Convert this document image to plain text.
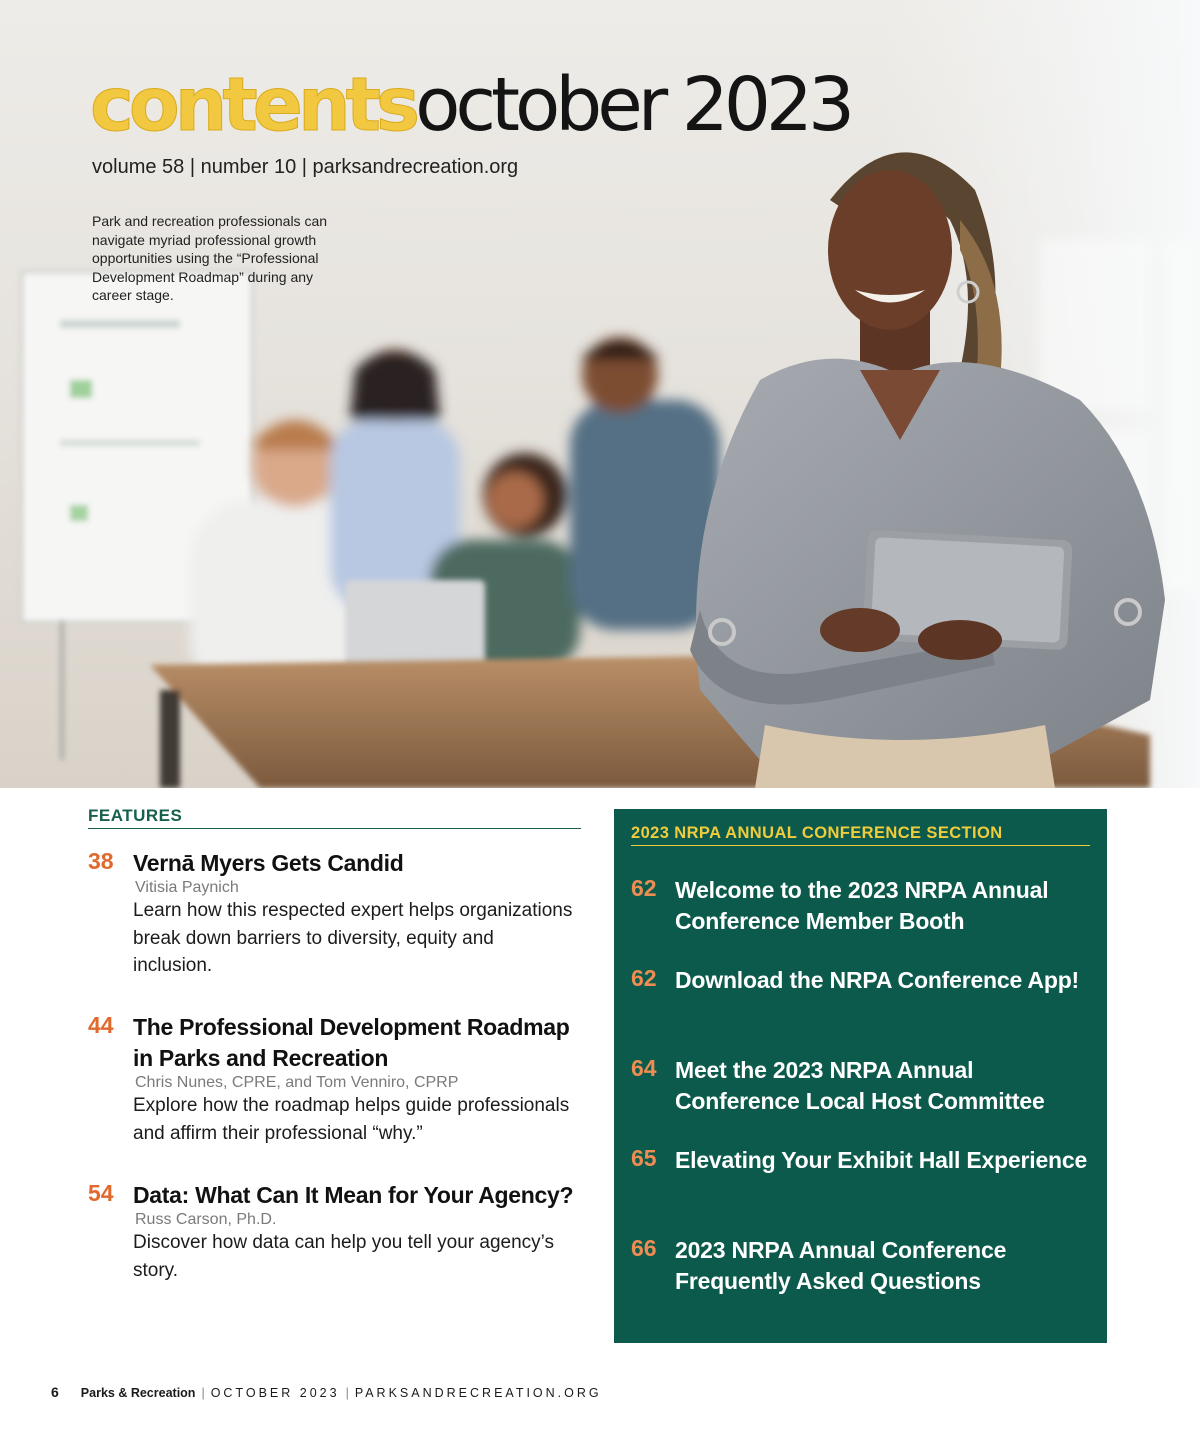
contentsoctober 2023
volume 58 | number 10 | parksandrecreation.org
Park and recreation professionals can navigate myriad professional growth opportunities using the “Professional Development Roadmap” during any career stage.
FEATURES
38 Vernā Myers Gets Candid
Vitisia Paynich
Learn how this respected expert helps organizations break down barriers to diversity, equity and inclusion.
44 The Professional Development Roadmap in Parks and Recreation
Chris Nunes, CPRE, and Tom Venniro, CPRP
Explore how the roadmap helps guide professionals and affirm their professional “why.”
54 Data: What Can It Mean for Your Agency?
Russ Carson, Ph.D.
Discover how data can help you tell your agency’s story.
2023 NRPA ANNUAL CONFERENCE SECTION
62 Welcome to the 2023 NRPA Annual Conference Member Booth
62 Download the NRPA Conference App!
64 Meet the 2023 NRPA Annual Conference Local Host Committee
65 Elevating Your Exhibit Hall Experience
66 2023 NRPA Annual Conference Frequently Asked Questions
6 Parks & Recreation | OCTOBER 2023 | PARKSANDRECREATION.ORG
